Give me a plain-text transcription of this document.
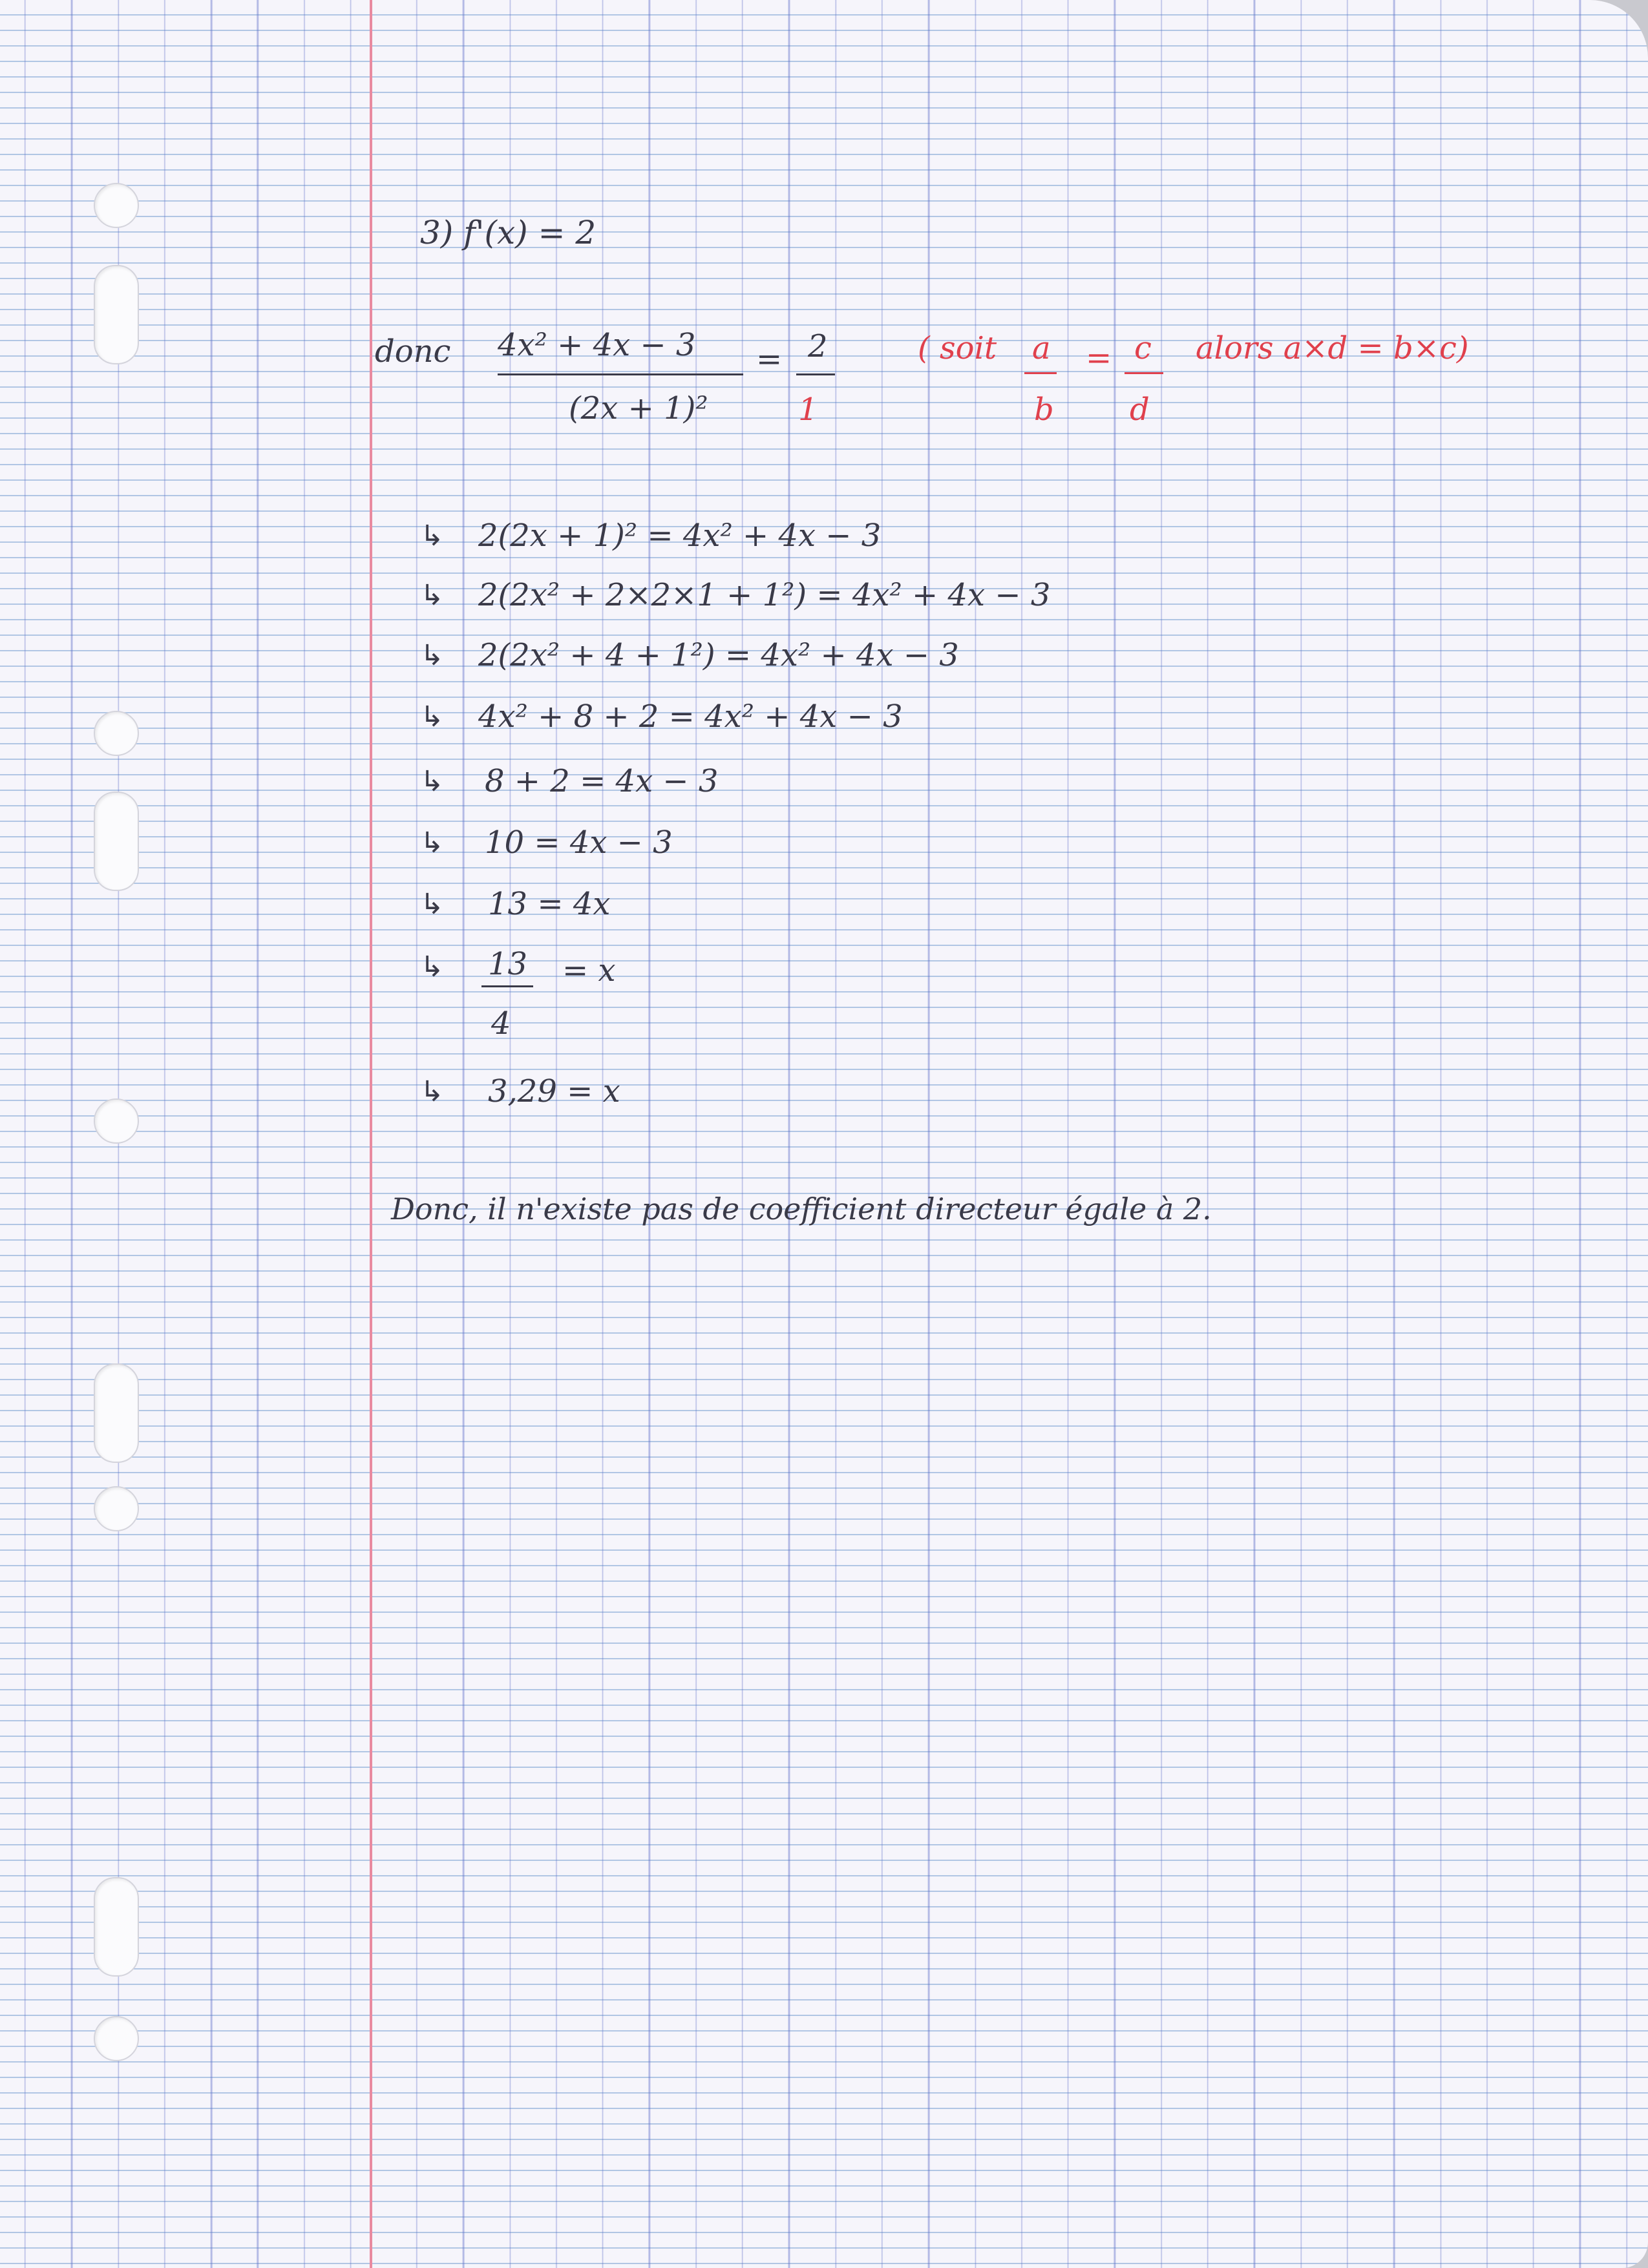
3) f'(x) = 2
donc 4x² + 4x − 3
(2x + 1)²
= 2
1
( soit a
b
= c
d
alors a×d = b×c)
↳ 2(2x + 1)² = 4x² + 4x − 3
↳ 2(2x² + 2×2×1 + 1²) = 4x² + 4x − 3
↳ 2(2x² + 4 + 1²) = 4x² + 4x − 3
↳ 4x² + 8 + 2 = 4x² + 4x − 3
↳ 8 + 2 = 4x − 3
↳ 10 = 4x − 3
↳ 13 = 4x
↳ 13
4
= x
↳ 3,29 = x
Donc, il n'existe pas de coefficient directeur égale à 2.
